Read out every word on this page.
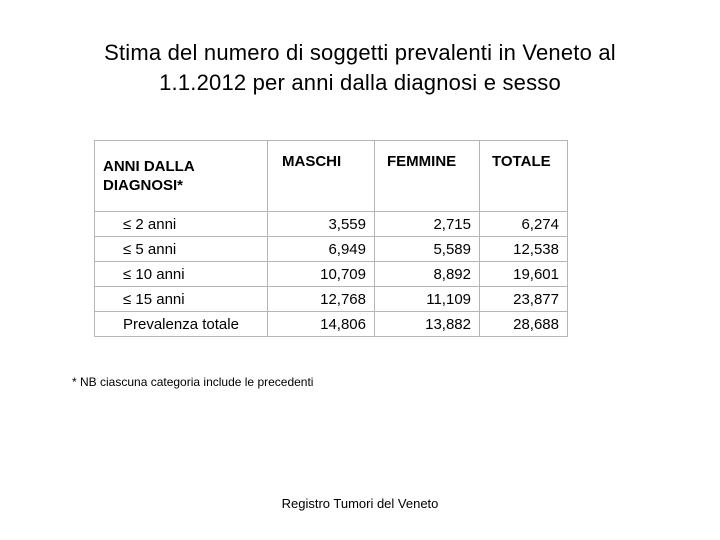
Stima del numero di soggetti prevalenti in Veneto al
1.1.2012 per anni dalla diagnosi e sesso
ANNI DALLA
DIAGNOSI*	MASCHI	FEMMINE	TOTALE
≤ 2 anni	3,559	2,715	6,274
≤ 5 anni	6,949	5,589	12,538
≤ 10 anni	10,709	8,892	19,601
≤ 15 anni	12,768	11,109	23,877
Prevalenza totale	14,806	13,882	28,688
* NB ciascuna categoria include le precedenti
Registro Tumori del Veneto
